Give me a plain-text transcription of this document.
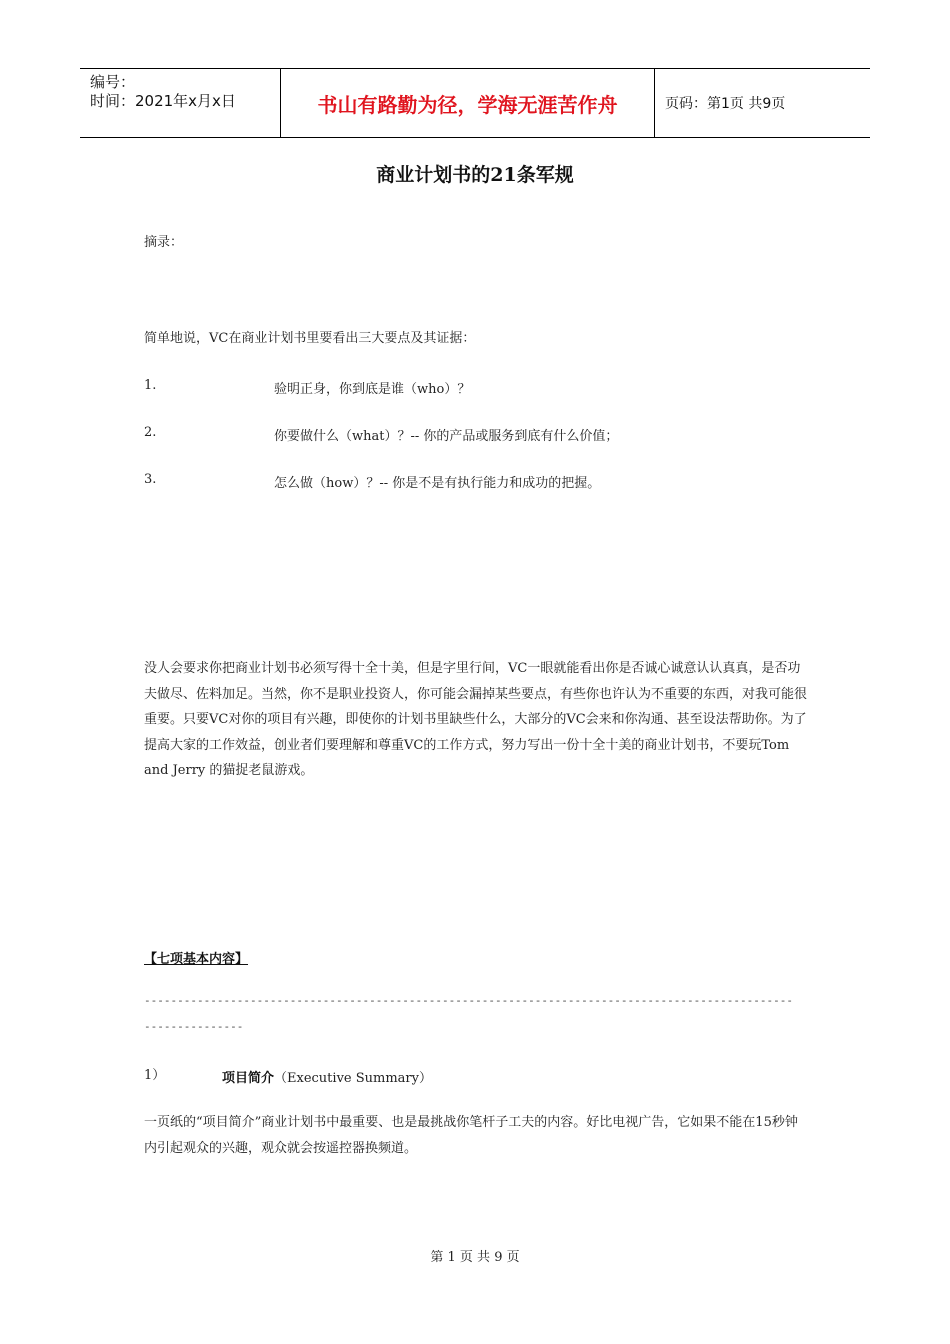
编号：
时间：2021年x月x日	书山有路勤为径，学海无涯苦作舟	页码：第1页 共9页
商业计划书的21条军规
摘录：
简单地说，VC在商业计划书里要看出三大要点及其证据：
1.	验明正身，你到底是谁（who）？
2.	你要做什么（what）？-- 你的产品或服务到底有什么价值；
3.	怎么做（how）？-- 你是不是有执行能力和成功的把握。
没人会要求你把商业计划书必须写得十全十美，但是字里行间，VC一眼就能看出你是否诚心诚意认认真真，是否功夫做尽、佐料加足。当然，你不是职业投资人，你可能会漏掉某些要点，有些你也许认为不重要的东西，对我可能很重要。只要VC对你的项目有兴趣，即使你的计划书里缺些什么，大部分的VC会来和你沟通、甚至设法帮助你。为了提高大家的工作效益，创业者们要理解和尊重VC的工作方式，努力写出一份十全十美的商业计划书，不要玩Tom and Jerry 的猫捉老鼠游戏。
【七项基本内容】
--------------------------------------------------------------------------------------------------
---------------
1）	项目简介（Executive Summary）
一页纸的“项目简介”商业计划书中最重要、也是最挑战你笔杆子工夫的内容。好比电视广告，它如果不能在15秒钟内引起观众的兴趣，观众就会按遥控器换频道。
第 1 页 共 9 页
